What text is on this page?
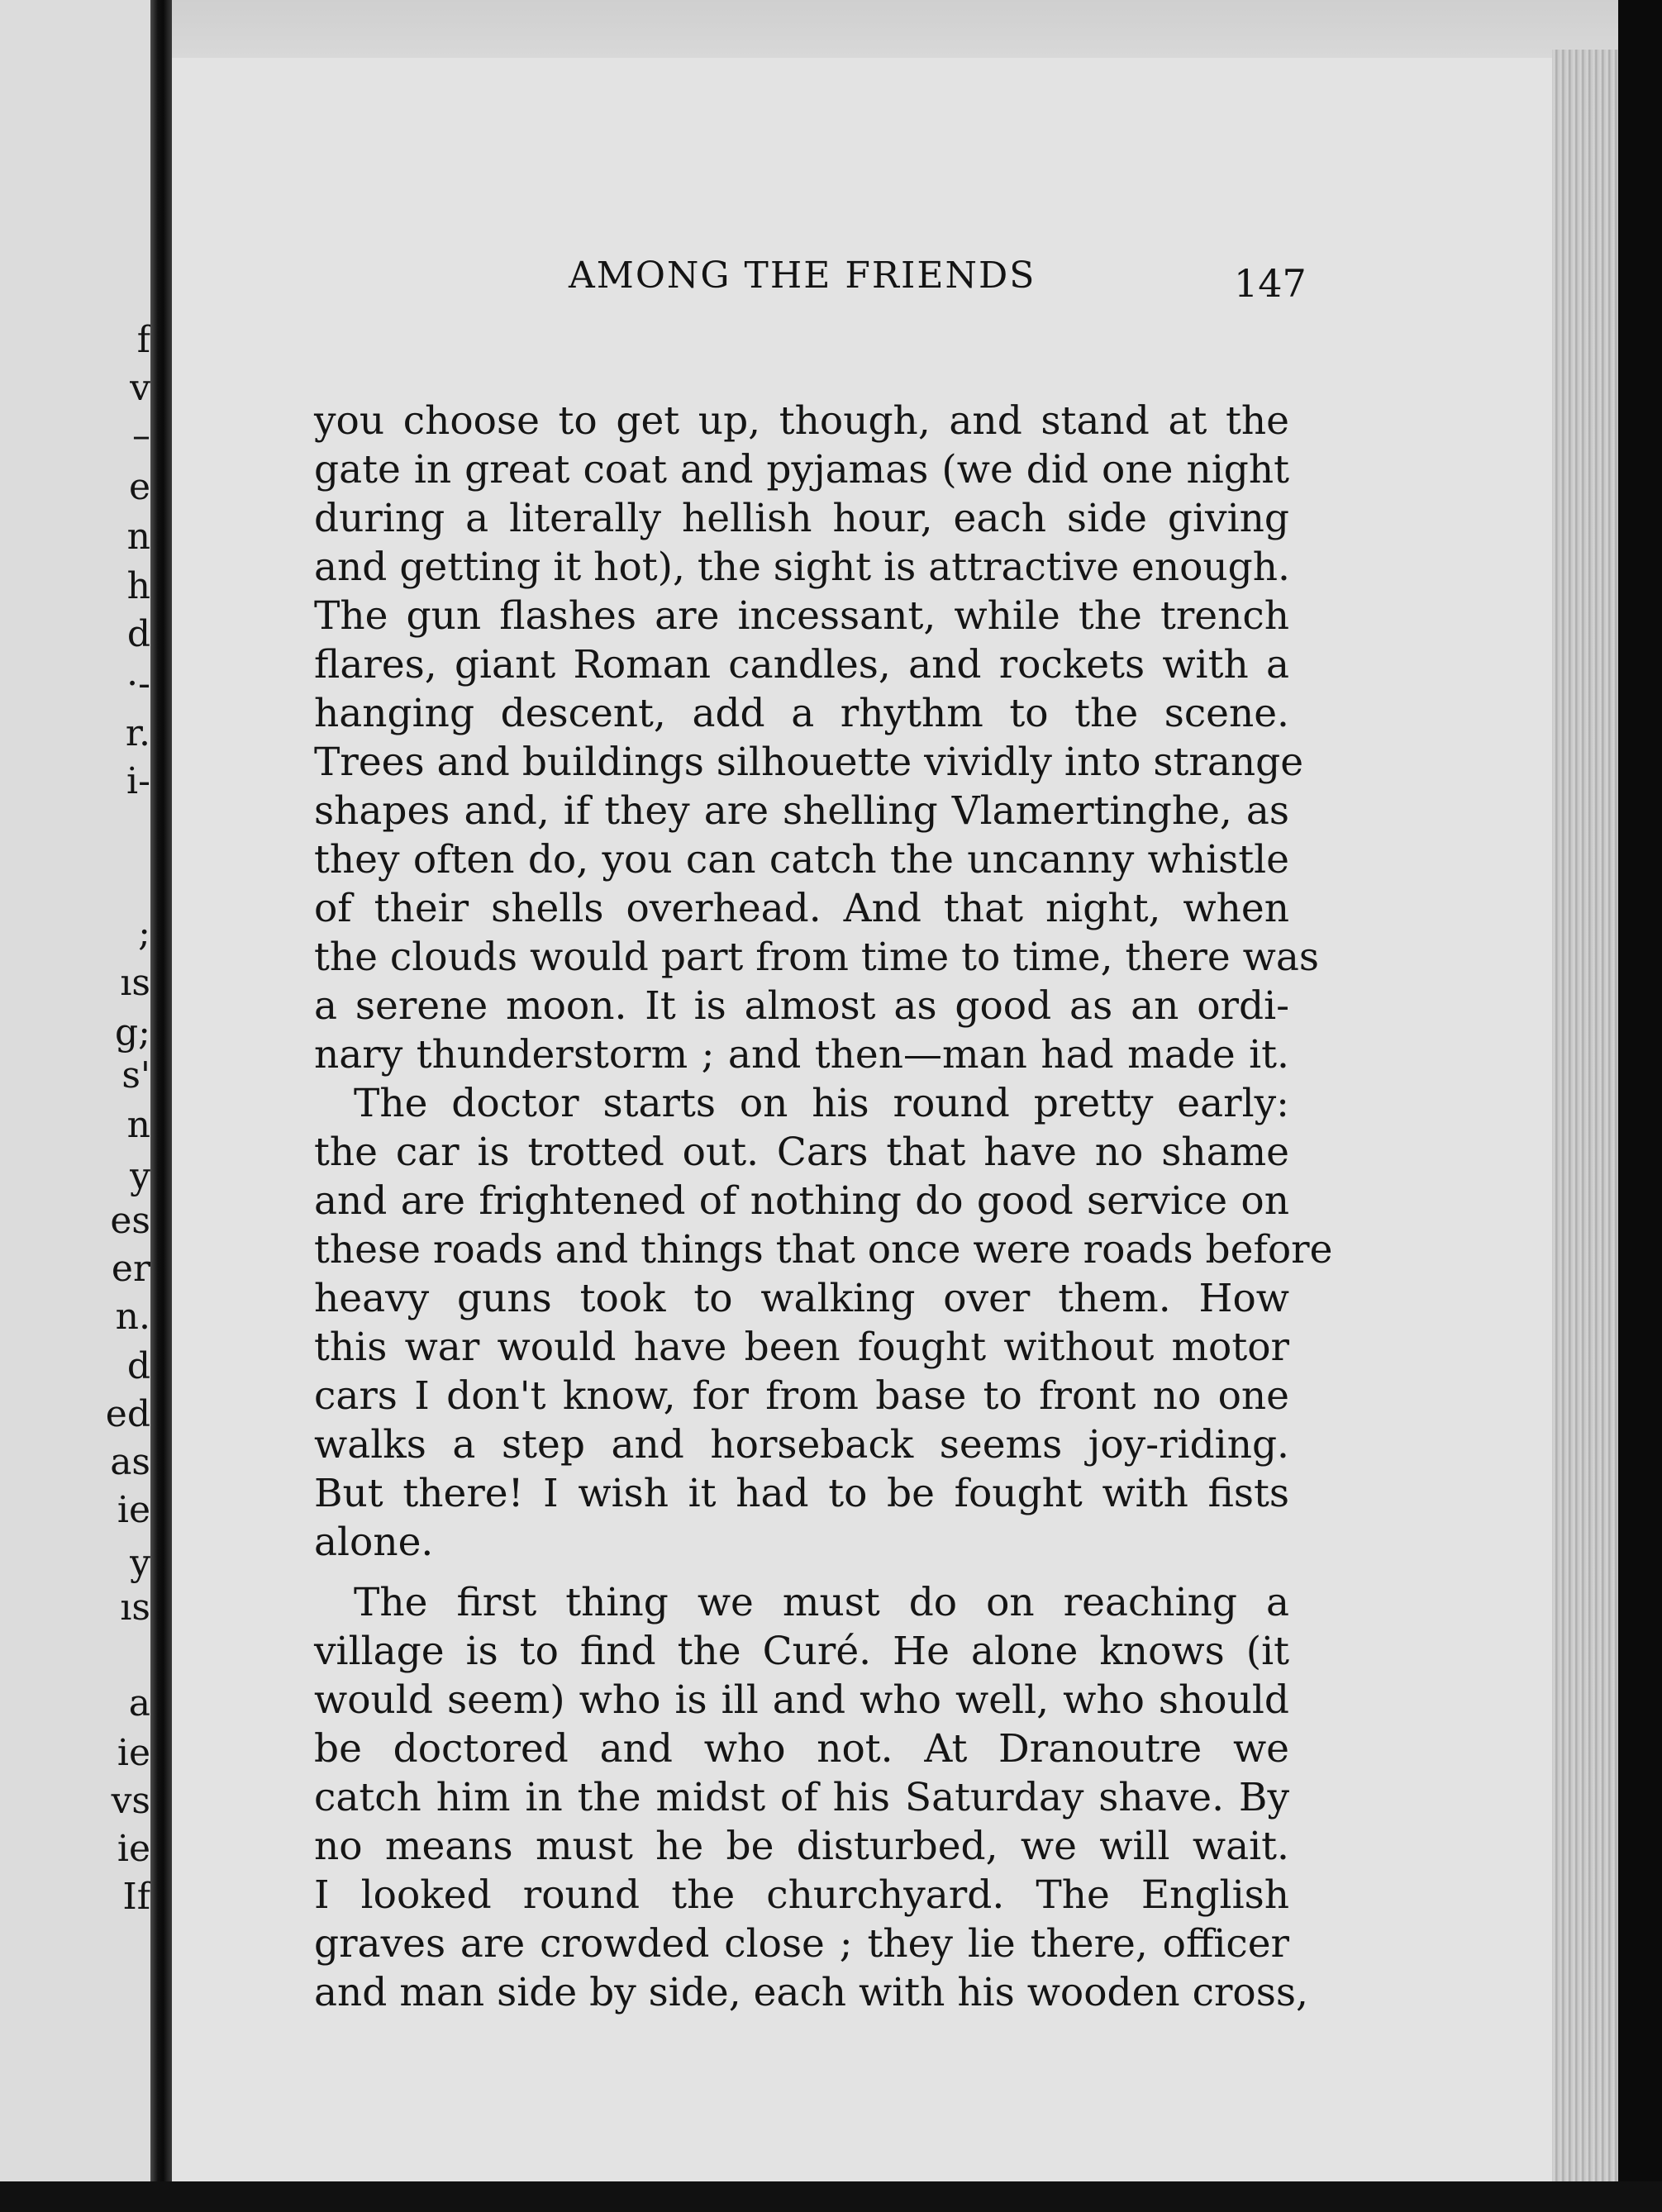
f
v
–
e
n
h
d
·-
r.
i-
;
ıs
g;
s'
n
y
es
er
n.
d
ed
as
ie
y
ıs
a
ie
vs
ie
If
AMONG THE FRIENDS	147
you choose to get up, though, and stand at the
gate in great coat and pyjamas (we did one night
during a literally hellish hour, each side giving
and getting it hot), the sight is attractive enough.
The gun flashes are incessant, while the trench
flares, giant Roman candles, and rockets with a
hanging descent, add a rhythm to the scene.
Trees and buildings silhouette vividly into strange
shapes and, if they are shelling Vlamertinghe, as
they often do, you can catch the uncanny whistle
of their shells overhead. And that night, when
the clouds would part from time to time, there was
a serene moon. It is almost as good as an ordi-
nary thunderstorm ; and then—man had made it.
The doctor starts on his round pretty early:
the car is trotted out. Cars that have no shame
and are frightened of nothing do good service on
these roads and things that once were roads before
heavy guns took to walking over them. How
this war would have been fought without motor
cars I don't know, for from base to front no one
walks a step and horseback seems joy-riding.
But there! I wish it had to be fought with fists
alone.
The first thing we must do on reaching a
village is to find the Curé. He alone knows (it
would seem) who is ill and who well, who should
be doctored and who not. At Dranoutre we
catch him in the midst of his Saturday shave. By
no means must he be disturbed, we will wait.
I looked round the churchyard. The English
graves are crowded close ; they lie there, officer
and man side by side, each with his wooden cross,
